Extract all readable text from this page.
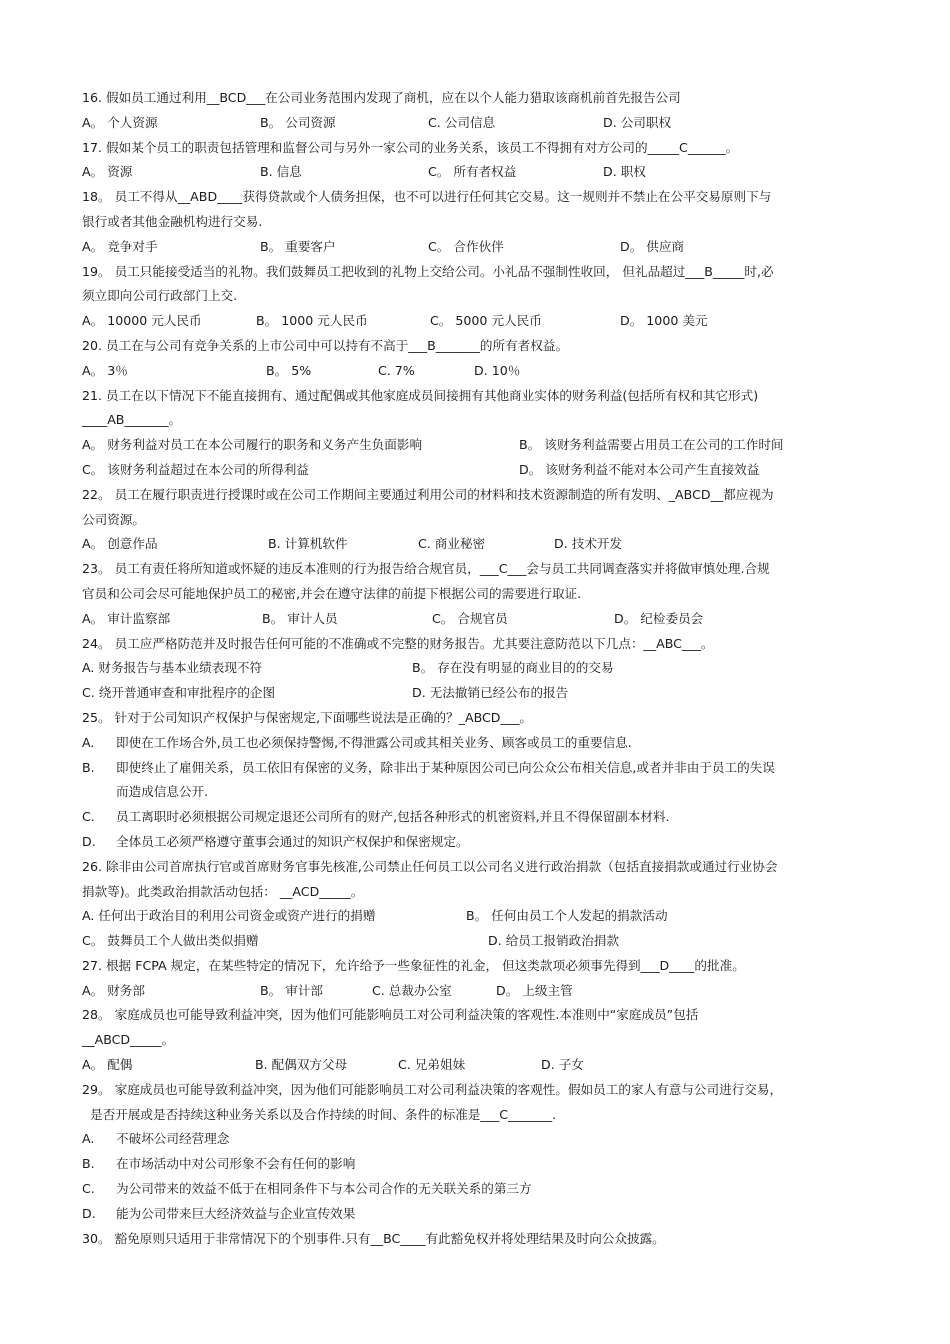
16. 假如员工通过利用__BCD___在公司业务范围内发现了商机，应在以个人能力猎取该商机前首先报告公司
A。 个人资源	B。 公司资源	C. 公司信息	D. 公司职权
17. 假如某个员工的职责包括管理和监督公司与另外一家公司的业务关系，该员工不得拥有对方公司的_____C______。
A。 资源	B. 信息	C。 所有者权益	D. 职权
18。 员工不得从__ABD____获得贷款或个人债务担保，也不可以进行任何其它交易。这一规则并不禁止在公平交易原则下与
银行或者其他金融机构进行交易.
A。 竞争对手	B。 重要客户	C。 合作伙伴	D。 供应商
19。 员工只能接受适当的礼物。我们鼓舞员工把收到的礼物上交给公司。小礼品不强制性收回， 但礼品超过___B_____时,必
须立即向公司行政部门上交.
A。 10000 元人民币	B。 1000 元人民币	C。 5000 元人民币	D。 1000 美元
20. 员工在与公司有竞争关系的上市公司中可以持有不高于___B_______的所有者权益。
A。 3％	B。 5%	C. 7%	D. 10％
21. 员工在以下情况下不能直接拥有、通过配偶或其他家庭成员间接拥有其他商业实体的财务利益(包括所有权和其它形式)
____AB_______。
A。 财务利益对员工在本公司履行的职务和义务产生负面影响	B。 该财务利益需要占用员工在公司的工作时间
C。 该财务利益超过在本公司的所得利益	D。 该财务利益不能对本公司产生直接效益
22。 员工在履行职责进行授课时或在公司工作期间主要通过利用公司的材料和技术资源制造的所有发明、_ABCD__都应视为
公司资源。
A。 创意作品	B. 计算机软件	C. 商业秘密	D. 技术开发
23。 员工有责任将所知道或怀疑的违反本准则的行为报告给合规官员，___C___会与员工共同调查落实并将做审慎处理.合规
官员和公司会尽可能地保护员工的秘密,并会在遵守法律的前提下根据公司的需要进行取证.
A。 审计监察部	B。 审计人员	C。 合规官员	D。 纪检委员会
24。 员工应严格防范并及时报告任何可能的不准确或不完整的财务报告。尤其要注意防范以下几点：__ABC___。
A. 财务报告与基本业绩表现不符	B。 存在没有明显的商业目的的交易
C. 绕开普通审查和审批程序的企图	D. 无法撤销已经公布的报告
25。 针对于公司知识产权保护与保密规定,下面哪些说法是正确的？_ABCD___。
A. 即使在工作场合外,员工也必须保持警惕,不得泄露公司或其相关业务、顾客或员工的重要信息.
B. 即使终止了雇佣关系，员工依旧有保密的义务，除非出于某种原因公司已向公众公布相关信息,或者并非由于员工的失误
而造成信息公开.
C. 员工离职时必须根据公司规定退还公司所有的财产,包括各种形式的机密资料,并且不得保留副本材料.
D. 全体员工必须严格遵守董事会通过的知识产权保护和保密规定。
26. 除非由公司首席执行官或首席财务官事先核准,公司禁止任何员工以公司名义进行政治捐款（包括直接捐款或通过行业协会
捐款等)。此类政治捐款活动包括： __ACD_____。
A. 任何出于政治目的利用公司资金或资产进行的捐赠	B。 任何由员工个人发起的捐款活动
C。 鼓舞员工个人做出类似捐赠	D. 给员工报销政治捐款
27. 根据 FCPA 规定，在某些特定的情况下，允许给予一些象征性的礼金， 但这类款项必须事先得到___D____的批准。
A。 财务部	B。 审计部	C. 总裁办公室	D。 上级主管
28。 家庭成员也可能导致利益冲突，因为他们可能影响员工对公司利益决策的客观性.本准则中“家庭成员”包括
__ABCD_____。
A。 配偶	B. 配偶双方父母	C. 兄弟姐妹	D. 子女
29。 家庭成员也可能导致利益冲突，因为他们可能影响员工对公司利益决策的客观性。假如员工的家人有意与公司进行交易，
是否开展或是否持续这种业务关系以及合作持续的时间、条件的标准是___C_______.
A. 不破坏公司经营理念
B. 在市场活动中对公司形象不会有任何的影响
C. 为公司带来的效益不低于在相同条件下与本公司合作的无关联关系的第三方
D. 能为公司带来巨大经济效益与企业宣传效果
30。 豁免原则只适用于非常情况下的个别事件.只有__BC____有此豁免权并将处理结果及时向公众披露。
